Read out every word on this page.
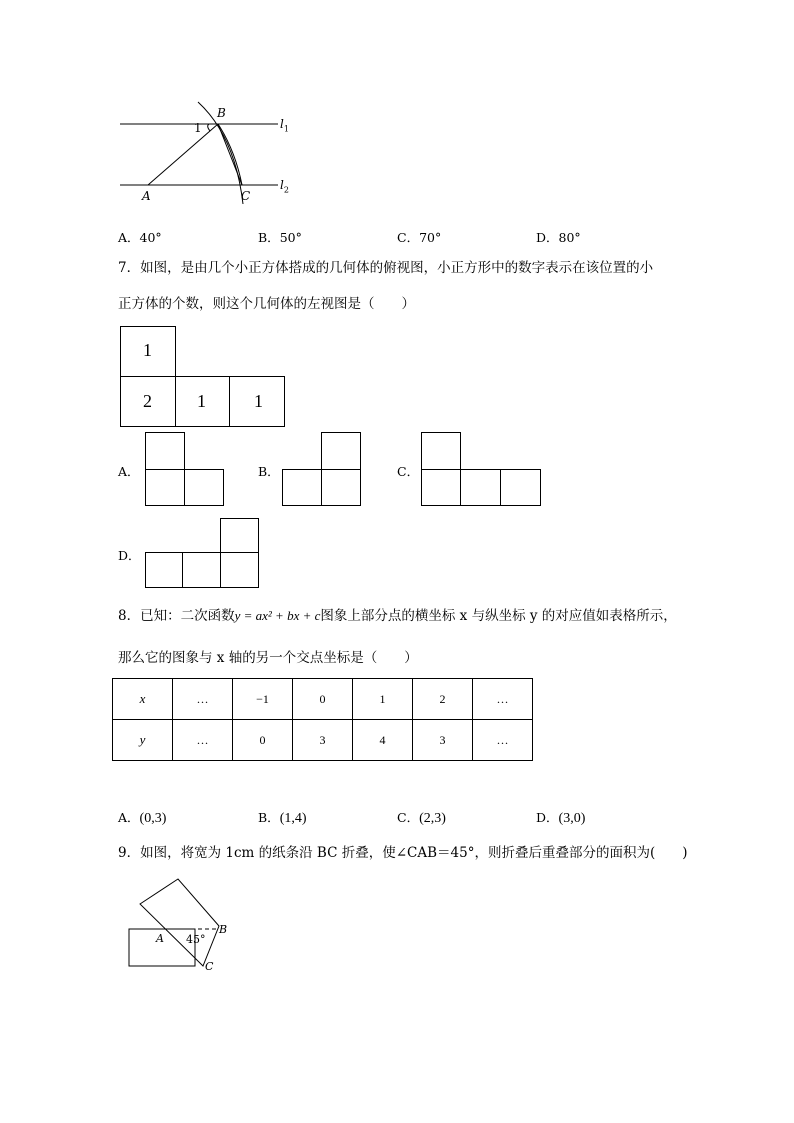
B
1
A	C
$l_1$
$l_2$
A．40°	B．50°	C．70°	D．80°
7．如图，是由几个小正方体搭成的几何体的俯视图，小正方形中的数字表示在该位置的小
正方体的个数，则这个几何体的左视图是（　　）
1
2	1	1
A．	B．	C．
D．
8．已知：二次函数y = ax² + bx + c图象上部分点的横坐标 x 与纵坐标 y 的对应值如表格所示，
那么它的图象与 x 轴的另一个交点坐标是（　　）
x	…	−1	0	1	2	…
y	…	0	3	4	3	…
A．(0,3)	B．(1,4)	C．(2,3)	D．(3,0)
9．如图，将宽为 1cm 的纸条沿 BC 折叠，使∠CAB＝45°，则折叠后重叠部分的面积为(　　)
A 45°
B
C
